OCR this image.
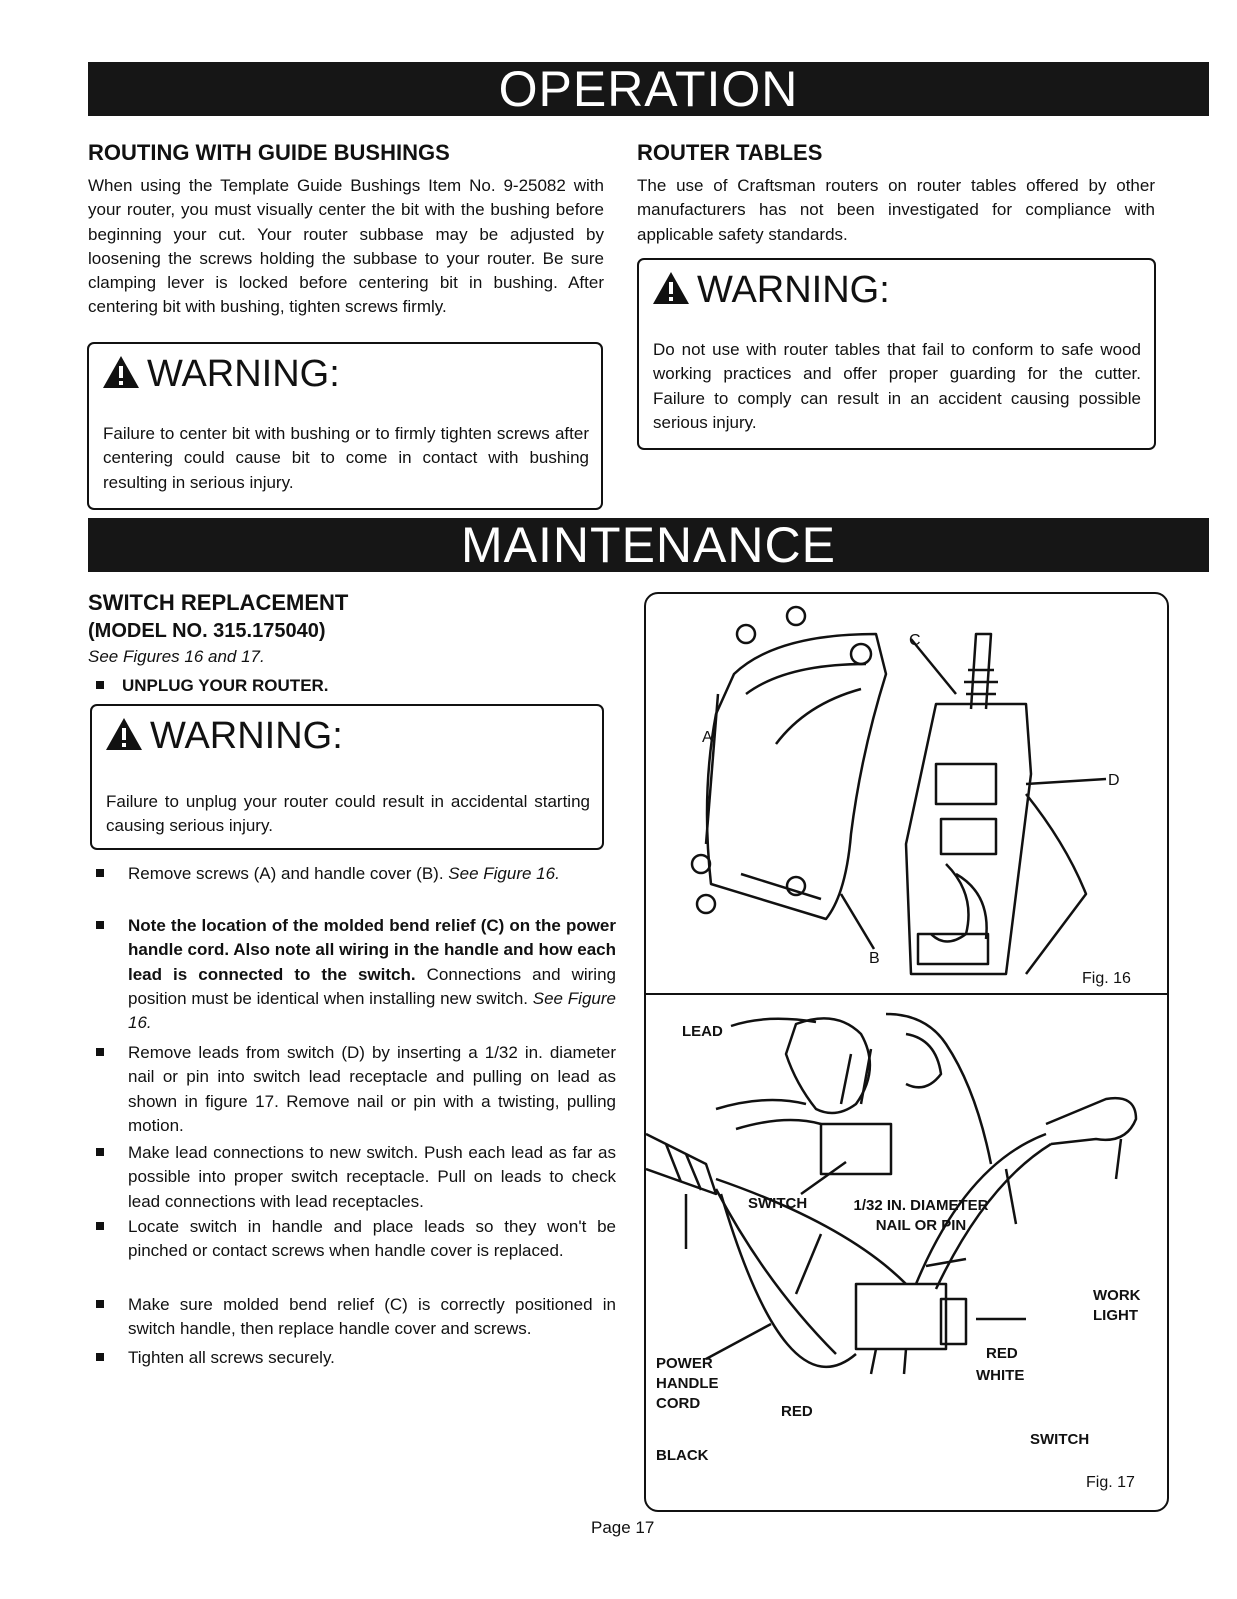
OPERATION
ROUTING WITH GUIDE BUSHINGS
When using the Template Guide Bushings Item No. 9-25082 with your router, you must visually center the bit with the bushing before beginning your cut. Your router subbase may be adjusted by loosening the screws holding the subbase to your router. Be sure clamping lever is locked before centering bit in bushing. After centering bit with bushing, tighten screws firmly.
WARNING:
Failure to center bit with bushing or to firmly tighten screws after centering could cause bit to come in contact with bushing resulting in serious injury.
ROUTER TABLES
The use of Craftsman routers on router tables offered by other manufacturers has not been investigated for compliance with applicable safety standards.
WARNING:
Do not use with router tables that fail to conform to safe wood working practices and offer proper guarding for the cutter. Failure to comply can result in an accident causing possible serious injury.
MAINTENANCE
SWITCH REPLACEMENT
(MODEL NO. 315.175040)
See Figures 16 and 17.
UNPLUG YOUR ROUTER.
WARNING:
Failure to unplug your router could result in accidental starting causing serious injury.
Remove screws (A) and handle cover (B). See Figure 16.
Note the location of the molded bend relief (C) on the power handle cord. Also note all wiring in the handle and how each lead is connected to the switch. Connections and wiring position must be identical when installing new switch. See Figure 16.
Remove leads from switch (D) by inserting a 1/32 in. diameter nail or pin into switch lead receptacle and pulling on lead as shown in figure 17. Remove nail or pin with a twisting, pulling motion.
Make lead connections to new switch. Push each lead as far as possible into proper switch receptacle. Pull on leads to check lead connections with lead receptacles.
Locate switch in handle and place leads so they won't be pinched or contact screws when handle cover is replaced.
Make sure molded bend relief (C) is correctly positioned in switch handle, then replace handle cover and screws.
Tighten all screws securely.
A
B
C
D
Fig. 16
LEAD
SWITCH	1/32 IN. DIAMETER
NAIL OR PIN
WORK
LIGHT
POWER
HANDLE
CORD
RED
WHITE
RED
BLACK
SWITCH
Fig. 17
Page 17
